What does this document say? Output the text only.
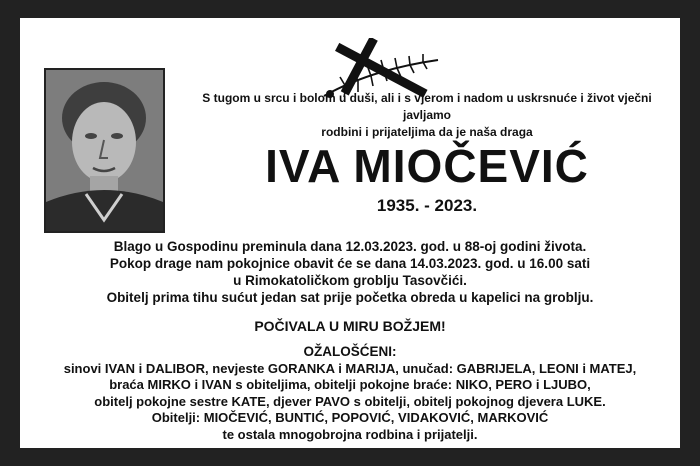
S tugom u srcu i bolom u duši, ali i s vjerom i nadom u uskrsnuće i život vječni javljamo
rodbini i prijateljima da je naša draga
IVA MIOČEVIĆ
1935. - 2023.
Blago u Gospodinu preminula dana 12.03.2023. god. u 88-oj godini života.
Pokop drage nam pokojnice obavit će se dana 14.03.2023. god. u 16.00 sati
u Rimokatoličkom groblju Tasovčići.
Obitelj prima tihu sućut jedan sat prije početka obreda u kapelici na groblju.
POČIVALA U MIRU BOŽJEM!
OŽALOŠĆENI:
sinovi IVAN i DALIBOR, nevjeste GORANKA i MARIJA, unučad: GABRIJELA, LEONI i MATEJ,
braća MIRKO i IVAN s obiteljima, obitelji pokojne braće: NIKO, PERO i LJUBO,
obitelj pokojne sestre KATE, djever PAVO s obitelji, obitelj pokojnog djevera LUKE.
Obitelji: MIOČEVIĆ, BUNTIĆ, POPOVIĆ, VIDAKOVIĆ, MARKOVIĆ
te ostala mnogobrojna rodbina i prijatelji.
